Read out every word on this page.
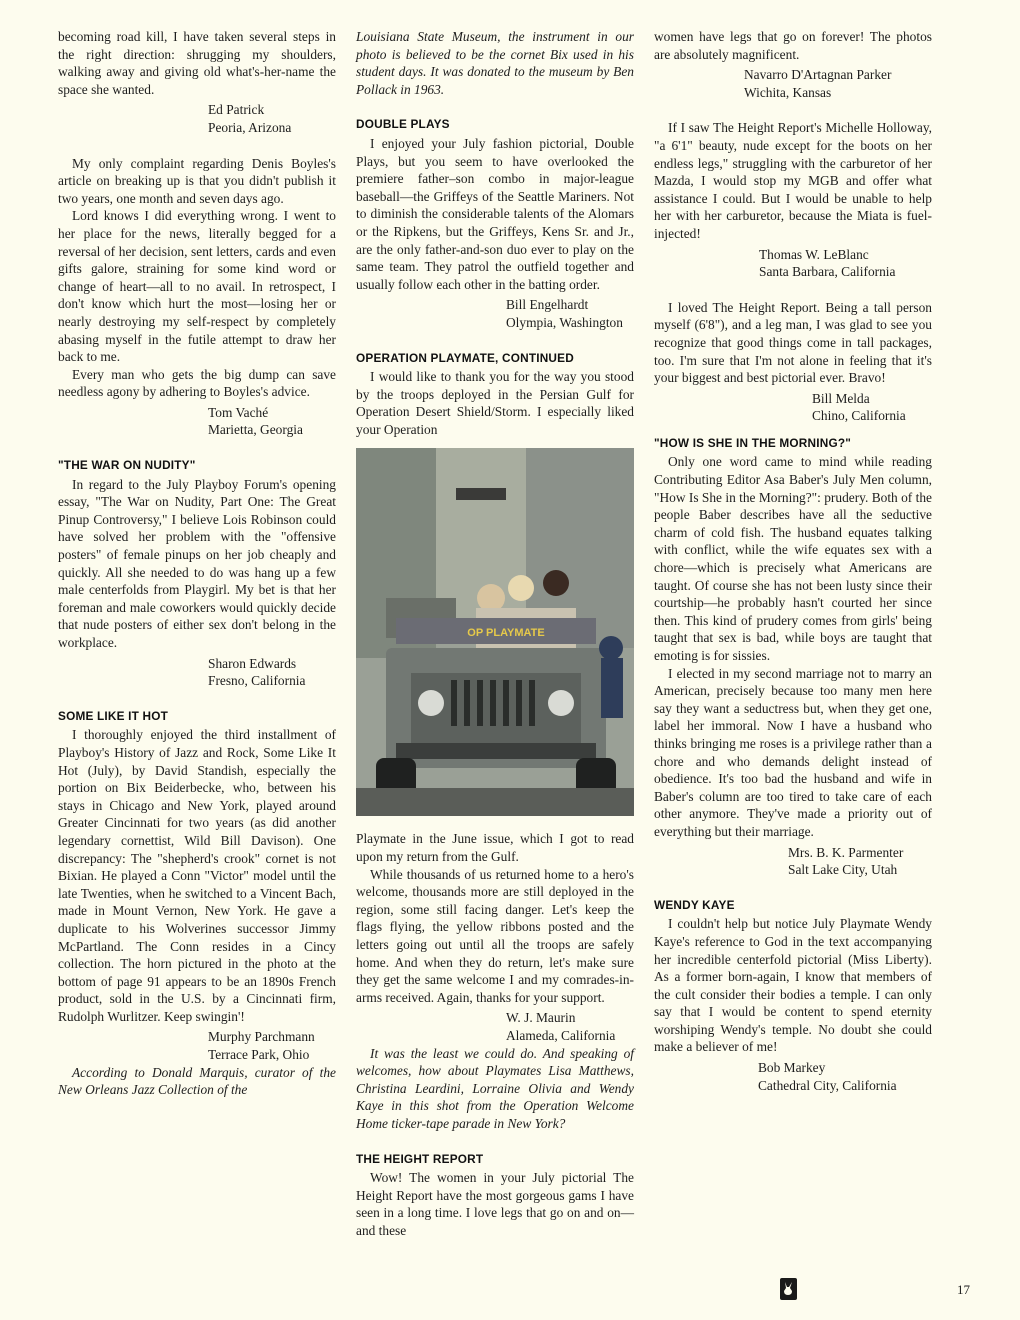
becoming road kill, I have taken several steps in the right direction: shrugging my shoulders, walking away and giving old what's-her-name the space she wanted.

Ed Patrick
Peoria, Arizona

My only complaint regarding Denis Boyles's article on breaking up is that you didn't publish it two years, one month and seven days ago.

Lord knows I did everything wrong. I went to her place for the news, literally begged for a reversal of her decision, sent letters, cards and even gifts galore, straining for some kind word or change of heart—all to no avail. In retrospect, I don't know which hurt the most—losing her or nearly destroying my self-respect by completely abasing myself in the futile attempt to draw her back to me.

Every man who gets the big dump can save needless agony by adhering to Boyles's advice.

Tom Vaché
Marietta, Georgia
"THE WAR ON NUDITY"

In regard to the July Playboy Forum's opening essay, "The War on Nudity, Part One: The Great Pinup Controversy," I believe Lois Robinson could have solved her problem with the "offensive posters" of female pinups on her job cheaply and quickly. All she needed to do was hang up a few male centerfolds from Playgirl. My bet is that her foreman and male coworkers would quickly decide that nude posters of either sex don't belong in the workplace.

Sharon Edwards
Fresno, California
SOME LIKE IT HOT

I thoroughly enjoyed the third installment of Playboy's History of Jazz and Rock, Some Like It Hot (July), by David Standish, especially the portion on Bix Beiderbecke, who, between his stays in Chicago and New York, played around Greater Cincinnati for two years (as did another legendary cornettist, Wild Bill Davison). One discrepancy: The "shepherd's crook" cornet is not Bixian. He played a Conn "Victor" model until the late Twenties, when he switched to a Vincent Bach, made in Mount Vernon, New York. He gave a duplicate to his Wolverines successor Jimmy McPartland. The Conn resides in a Cincy collection. The horn pictured in the photo at the bottom of page 91 appears to be an 1890s French product, sold in the U.S. by a Cincinnati firm, Rudolph Wurlitzer. Keep swingin'!

Murphy Parchmann
Terrace Park, Ohio

According to Donald Marquis, curator of the New Orleans Jazz Collection of the

Louisiana State Museum, the instrument in our photo is believed to be the cornet Bix used in his student days. It was donated to the museum by Ben Pollack in 1963.

DOUBLE PLAYS

I enjoyed your July fashion pictorial, Double Plays, but you seem to have overlooked the premiere father–son combo in major-league baseball—the Griffeys of the Seattle Mariners. Not to diminish the considerable talents of the Alomars or the Ripkens, but the Griffeys, Kens Sr. and Jr., are the only father-and-son duo ever to play on the same team. They patrol the outfield together and usually follow each other in the batting order.

Bill Engelhardt
Olympia, Washington
OPERATION PLAYMATE, CONTINUED

I would like to thank you for the way you stood by the troops deployed in the Persian Gulf for Operation Desert Shield/Storm. I especially liked your Operation

OP PLAYMATE

Playmate in the June issue, which I got to read upon my return from the Gulf.

While thousands of us returned home to a hero's welcome, thousands more are still deployed in the region, some still facing danger. Let's keep the flags flying, the yellow ribbons posted and the letters going out until all the troops are safely home. And when they do return, let's make sure they get the same welcome I and my comrades-in-arms received. Again, thanks for your support.

W. J. Maurin
Alameda, California

It was the least we could do. And speaking of welcomes, how about Playmates Lisa Matthews, Christina Leardini, Lorraine Olivia and Wendy Kaye in this shot from the Operation Welcome Home ticker-tape parade in New York?

THE HEIGHT REPORT

Wow! The women in your July pictorial The Height Report have the most gorgeous gams I have seen in a long time. I love legs that go on and on—and these

women have legs that go on forever! The photos are absolutely magnificent.

Navarro D'Artagnan Parker
Wichita, Kansas

If I saw The Height Report's Michelle Holloway, "a 6'1" beauty, nude except for the boots on her endless legs," struggling with the carburetor of her Mazda, I would stop my MGB and offer what assistance I could. But I would be unable to help her with her carburetor, because the Miata is fuel-injected!

Thomas W. LeBlanc
Santa Barbara, California

I loved The Height Report. Being a tall person myself (6'8"), and a leg man, I was glad to see you recognize that good things come in tall packages, too. I'm sure that I'm not alone in feeling that it's your biggest and best pictorial ever. Bravo!

Bill Melda
Chino, California
"HOW IS SHE IN THE MORNING?"

Only one word came to mind while reading Contributing Editor Asa Baber's July Men column, "How Is She in the Morning?": prudery. Both of the people Baber describes have all the seductive charm of cold fish. The husband equates talking with conflict, while the wife equates sex with a chore—which is precisely what Americans are taught. Of course she has not been lusty since their courtship—he probably hasn't courted her since then. This kind of prudery comes from girls' being taught that sex is bad, while boys are taught that emoting is for sissies.

I elected in my second marriage not to marry an American, precisely because too many men here say they want a seductress but, when they get one, label her immoral. Now I have a husband who thinks bringing me roses is a privilege rather than a chore and who demands delight instead of obedience. It's too bad the husband and wife in Baber's column are too tired to take care of each other anymore. They've made a priority out of everything but their marriage.

Mrs. B. K. Parmenter
Salt Lake City, Utah
WENDY KAYE

I couldn't help but notice July Playmate Wendy Kaye's reference to God in the text accompanying her incredible centerfold pictorial (Miss Liberty). As a former born-again, I know that members of the cult consider their bodies a temple. I can only say that I would be content to spend eternity worshiping Wendy's temple. No doubt she could make a believer of me!

Bob Markey
Cathedral City, California
17
